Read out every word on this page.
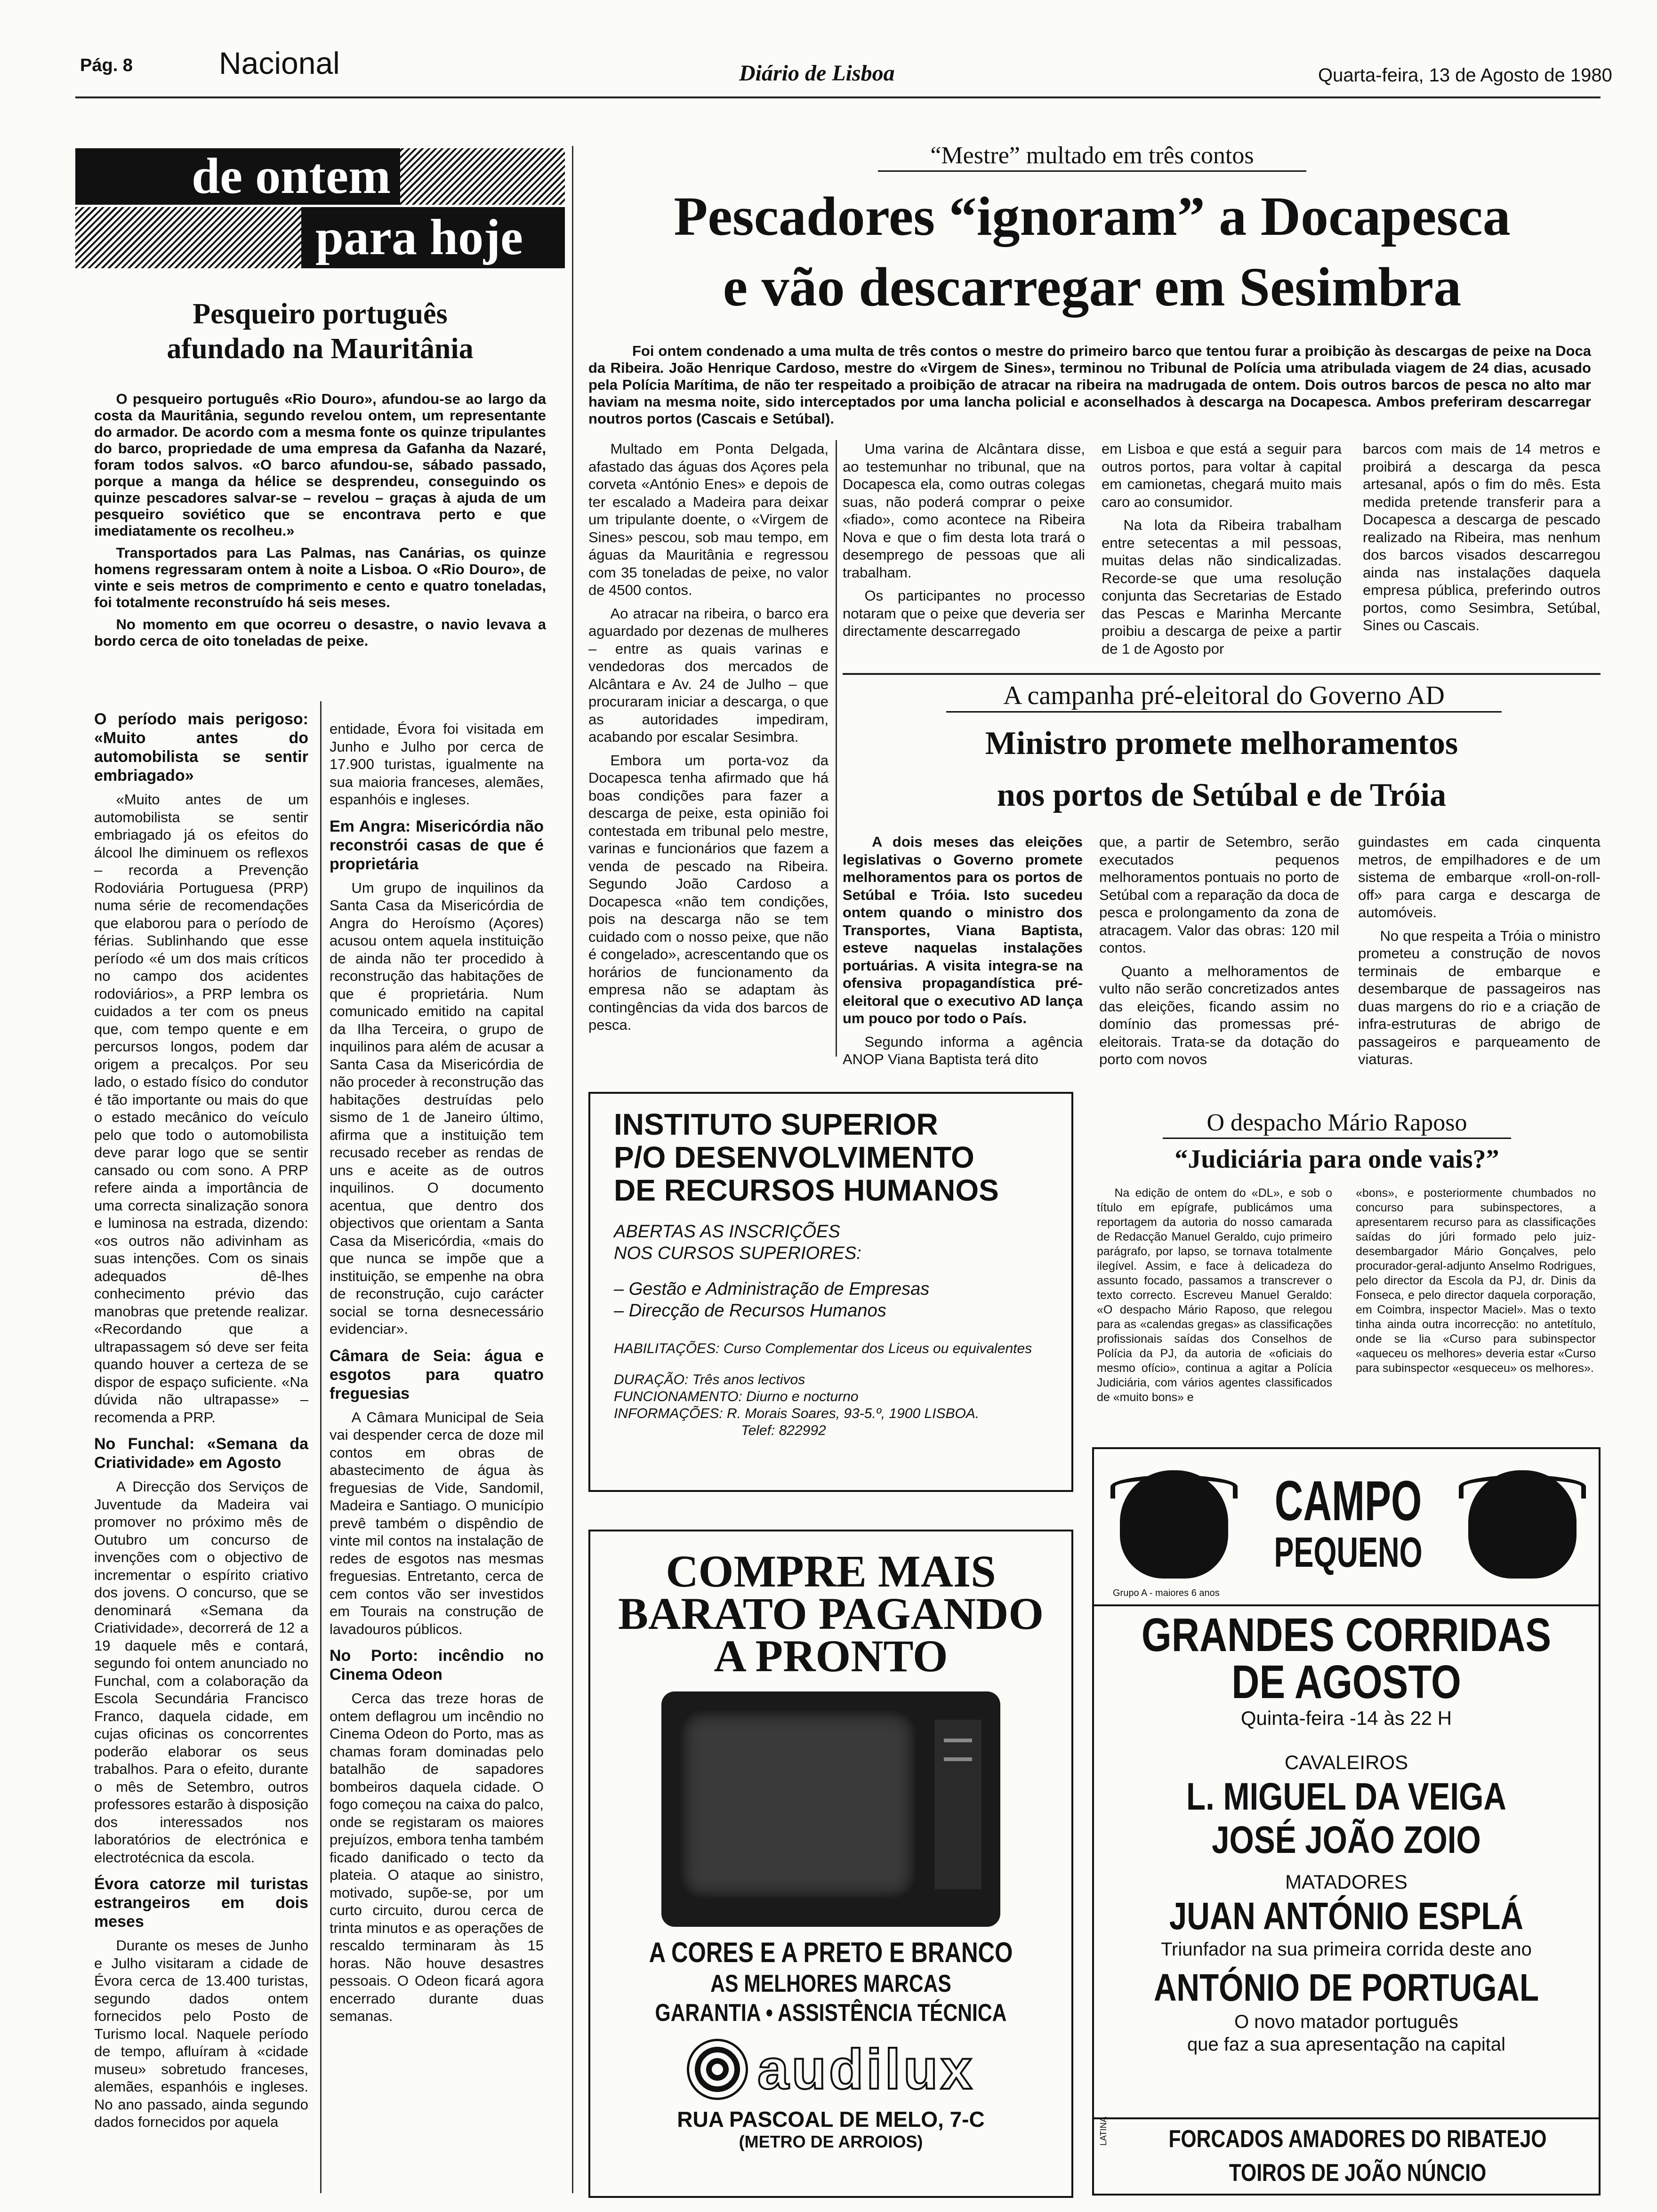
Pág. 8	Nacional	Diário de Lisboa	Quarta-feira, 13 de Agosto de 1980
de ontem
para hoje
Pesqueiro português
afundado na Mauritânia

O pesqueiro português «Rio Douro», afundou-se ao largo da costa da Mauritânia, segundo revelou ontem, um representante do armador. De acordo com a mesma fonte os quinze tripulantes do barco, propriedade de uma empresa da Gafanha da Nazaré, foram todos salvos. «O barco afundou-se, sábado passado, porque a manga da hélice se desprendeu, conseguindo os quinze pescadores salvar-se – revelou – graças à ajuda de um pesqueiro soviético que se encontrava perto e que imediatamente os recolheu.»

Transportados para Las Palmas, nas Canárias, os quinze homens regressaram ontem à noite a Lisboa. O «Rio Douro», de vinte e seis metros de comprimento e cento e quatro toneladas, foi totalmente reconstruído há seis meses.

No momento em que ocorreu o desastre, o navio levava a bordo cerca de oito toneladas de peixe.

O período mais perigoso: «Muito antes do automobilista se sentir embriagado»

«Muito antes de um automobilista se sentir embriagado já os efeitos do álcool lhe diminuem os reflexos – recorda a Prevenção Rodoviária Portuguesa (PRP) numa série de recomendações que elaborou para o período de férias. Sublinhando que esse período «é um dos mais críticos no campo dos acidentes rodoviários», a PRP lembra os cuidados a ter com os pneus que, com tempo quente e em percursos longos, podem dar origem a precalços. Por seu lado, o estado físico do condutor é tão importante ou mais do que o estado mecânico do veículo pelo que todo o automobilista deve parar logo que se sentir cansado ou com sono. A PRP refere ainda a importância de uma correcta sinalização sonora e luminosa na estrada, dizendo: «os outros não adivinham as suas intenções. Com os sinais adequados dê-lhes conhecimento prévio das manobras que pretende realizar. «Recordando que a ultrapassagem só deve ser feita quando houver a certeza de se dispor de espaço suficiente. «Na dúvida não ultrapasse» – recomenda a PRP.

No Funchal: «Semana da Criatividade» em Agosto

A Direcção dos Serviços de Juventude da Madeira vai promover no próximo mês de Outubro um concurso de invenções com o objectivo de incrementar o espírito criativo dos jovens. O concurso, que se denominará «Semana da Criatividade», decorrerá de 12 a 19 daquele mês e contará, segundo foi ontem anunciado no Funchal, com a colaboração da Escola Secundária Francisco Franco, daquela cidade, em cujas oficinas os concorrentes poderão elaborar os seus trabalhos. Para o efeito, durante o mês de Setembro, outros professores estarão à disposição dos interessados nos laboratórios de electrónica e electrotécnica da escola.

Évora catorze mil turistas estrangeiros em dois meses

Durante os meses de Junho e Julho visitaram a cidade de Évora cerca de 13.400 turistas, segundo dados ontem fornecidos pelo Posto de Turismo local. Naquele período de tempo, afluíram à «cidade museu» sobretudo franceses, alemães, espanhóis e ingleses. No ano passado, ainda segundo dados fornecidos por aquela

entidade, Évora foi visitada em Junho e Julho por cerca de 17.900 turistas, igualmente na sua maioria franceses, alemães, espanhóis e ingleses.

Em Angra: Misericórdia não reconstrói casas de que é proprietária

Um grupo de inquilinos da Santa Casa da Misericórdia de Angra do Heroísmo (Açores) acusou ontem aquela instituição de ainda não ter procedido à reconstrução das habitações de que é proprietária. Num comunicado emitido na capital da Ilha Terceira, o grupo de inquilinos para além de acusar a Santa Casa da Misericórdia de não proceder à reconstrução das habitações destruídas pelo sismo de 1 de Janeiro último, afirma que a instituição tem recusado receber as rendas de uns e aceite as de outros inquilinos. O documento acentua, que dentro dos objectivos que orientam a Santa Casa da Misericórdia, «mais do que nunca se impõe que a instituição, se empenhe na obra de reconstrução, cujo carácter social se torna desnecessário evidenciar».

Câmara de Seia: água e esgotos para quatro freguesias

A Câmara Municipal de Seia vai despender cerca de doze mil contos em obras de abastecimento de água às freguesias de Vide, Sandomil, Madeira e Santiago. O município prevê também o dispêndio de vinte mil contos na instalação de redes de esgotos nas mesmas freguesias. Entretanto, cerca de cem contos vão ser investidos em Tourais na construção de lavadouros públicos.

No Porto: incêndio no Cinema Odeon

Cerca das treze horas de ontem deflagrou um incêndio no Cinema Odeon do Porto, mas as chamas foram dominadas pelo batalhão de sapadores bombeiros daquela cidade. O fogo começou na caixa do palco, onde se registaram os maiores prejuízos, embora tenha também ficado danificado o tecto da plateia. O ataque ao sinistro, motivado, supõe-se, por um curto circuito, durou cerca de trinta minutos e as operações de rescaldo terminaram às 15 horas. Não houve desastres pessoais. O Odeon ficará agora encerrado durante duas semanas.

“Mestre” multado em três contos
Pescadores “ignoram” a Docapesca
e vão descarregar em Sesimbra
Foi ontem condenado a uma multa de três contos o mestre do primeiro barco que tentou furar a proibição às descargas de peixe na Doca da Ribeira. João Henrique Cardoso, mestre do «Virgem de Sines», terminou no Tribunal de Polícia uma atribulada viagem de 24 dias, acusado pela Polícia Marítima, de não ter respeitado a proibição de atracar na ribeira na madrugada de ontem. Dois outros barcos de pesca no alto mar haviam na mesma noite, sido interceptados por uma lancha policial e aconselhados à descarga na Docapesca. Ambos preferiram descarregar noutros portos (Cascais e Setúbal).

Multado em Ponta Delgada, afastado das águas dos Açores pela corveta «António Enes» e depois de ter escalado a Madeira para deixar um tripulante doente, o «Virgem de Sines» pescou, sob mau tempo, em águas da Mauritânia e regressou com 35 toneladas de peixe, no valor de 4500 contos.

Ao atracar na ribeira, o barco era aguardado por dezenas de mulheres – entre as quais varinas e vendedoras dos mercados de Alcântara e Av. 24 de Julho – que procuraram iniciar a descarga, o que as autoridades impediram, acabando por escalar Sesimbra.

Embora um porta-voz da Docapesca tenha afirmado que há boas condições para fazer a descarga de peixe, esta opinião foi contestada em tribunal pelo mestre, varinas e funcionários que fazem a venda de pescado na Ribeira. Segundo João Cardoso a Docapesca «não tem condições, pois na descarga não se tem cuidado com o nosso peixe, que não é congelado», acrescentando que os horários de funcionamento da empresa não se adaptam às contingências da vida dos barcos de pesca.

Uma varina de Alcântara disse, ao testemunhar no tribunal, que na Docapesca ela, como outras colegas suas, não poderá comprar o peixe «fiado», como acontece na Ribeira Nova e que o fim desta lota trará o desemprego de pessoas que ali trabalham.

Os participantes no processo notaram que o peixe que deveria ser directamente descarregado

em Lisboa e que está a seguir para outros portos, para voltar à capital em camionetas, chegará muito mais caro ao consumidor.

Na lota da Ribeira trabalham entre setecentas a mil pessoas, muitas delas não sindicalizadas. Recorde-se que uma resolução conjunta das Secretarias de Estado das Pescas e Marinha Mercante proibiu a descarga de peixe a partir de 1 de Agosto por

barcos com mais de 14 metros e proibirá a descarga da pesca artesanal, após o fim do mês. Esta medida pretende transferir para a Docapesca a descarga de pescado realizado na Ribeira, mas nenhum dos barcos visados descarregou ainda nas instalações daquela empresa pública, preferindo outros portos, como Sesimbra, Setúbal, Sines ou Cascais.

A campanha pré-eleitoral do Governo AD
Ministro promete melhoramentos
nos portos de Setúbal e de Tróia

A dois meses das eleições legislativas o Governo promete melhoramentos para os portos de Setúbal e Tróia. Isto sucedeu ontem quando o ministro dos Transportes, Viana Baptista, esteve naquelas instalações portuárias. A visita integra-se na ofensiva propagandística pré-eleitoral que o executivo AD lança um pouco por todo o País.

Segundo informa a agência ANOP Viana Baptista terá dito

que, a partir de Setembro, serão executados pequenos melhoramentos pontuais no porto de Setúbal com a reparação da doca de pesca e prolongamento da zona de atracagem. Valor das obras: 120 mil contos.

Quanto a melhoramentos de vulto não serão concretizados antes das eleições, ficando assim no domínio das promessas pré-eleitorais. Trata-se da dotação do porto com novos

guindastes em cada cinquenta metros, de empilhadores e de um sistema de embarque «roll-on-roll-off» para carga e descarga de automóveis.

No que respeita a Tróia o ministro prometeu a construção de novos terminais de embarque e desembarque de passageiros nas duas margens do rio e a criação de infra-estruturas de abrigo de passageiros e parqueamento de viaturas.

INSTITUTO SUPERIOR
P/O DESENVOLVIMENTO
DE RECURSOS HUMANOS
ABERTAS AS INSCRIÇÕES
NOS CURSOS SUPERIORES:
– Gestão e Administração de Empresas
– Direcção de Recursos Humanos
HABILITAÇÕES: Curso Complementar dos Liceus ou equivalentes
DURAÇÃO: Três anos lectivos
FUNCIONAMENTO: Diurno e nocturno
INFORMAÇÕES: R. Morais Soares, 93-5.º, 1900 LISBOA.
Telef: 822992
COMPRE MAIS
BARATO PAGANDO
A PRONTO
A CORES E A PRETO E BRANCO
AS MELHORES MARCAS
GARANTIA • ASSISTÊNCIA TÉCNICA
audilux
RUA PASCOAL DE MELO, 7-C
(METRO DE ARROIOS)
O despacho Mário Raposo
“Judiciária para onde vais?”

Na edição de ontem do «DL», e sob o título em epígrafe, publicámos uma reportagem da autoria do nosso camarada de Redacção Manuel Geraldo, cujo primeiro parágrafo, por lapso, se tornava totalmente ilegível. Assim, e face à delicadeza do assunto focado, passamos a transcrever o texto correcto. Escreveu Manuel Geraldo: «O despacho Mário Raposo, que relegou para as «calendas gregas» as classificações profissionais saídas dos Conselhos de Polícia da PJ, da autoria de «oficiais do mesmo ofício», continua a agitar a Polícia Judiciária, com vários agentes classificados de «muito bons» e

«bons», e posteriormente chumbados no concurso para subinspectores, a apresentarem recurso para as classificações saídas do júri formado pelo juiz-desembargador Mário Gonçalves, pelo procurador-geral-adjunto Anselmo Rodrigues, pelo director da Escola da PJ, dr. Dinis da Fonseca, e pelo director daquela corporação, em Coimbra, inspector Maciel». Mas o texto tinha ainda outra incorrecção: no antetítulo, onde se lia «Curso para subinspector «aqueceu os melhores» deveria estar «Curso para subinspector «esqueceu» os melhores».

CAMPO
PEQUENO
Grupo A - maiores 6 anos
GRANDES CORRIDAS
DE AGOSTO
Quinta-feira -14 às 22 H
CAVALEIROS
L. MIGUEL DA VEIGA
JOSÉ JOÃO ZOIO
MATADORES
JUAN ANTÓNIO ESPLÁ
Triunfador na sua primeira corrida deste ano
ANTÓNIO DE PORTUGAL
O novo matador português
que faz a sua apresentação na capital
FORCADOS AMADORES DO RIBATEJO
TOIROS DE JOÃO NÚNCIO
LATINA
